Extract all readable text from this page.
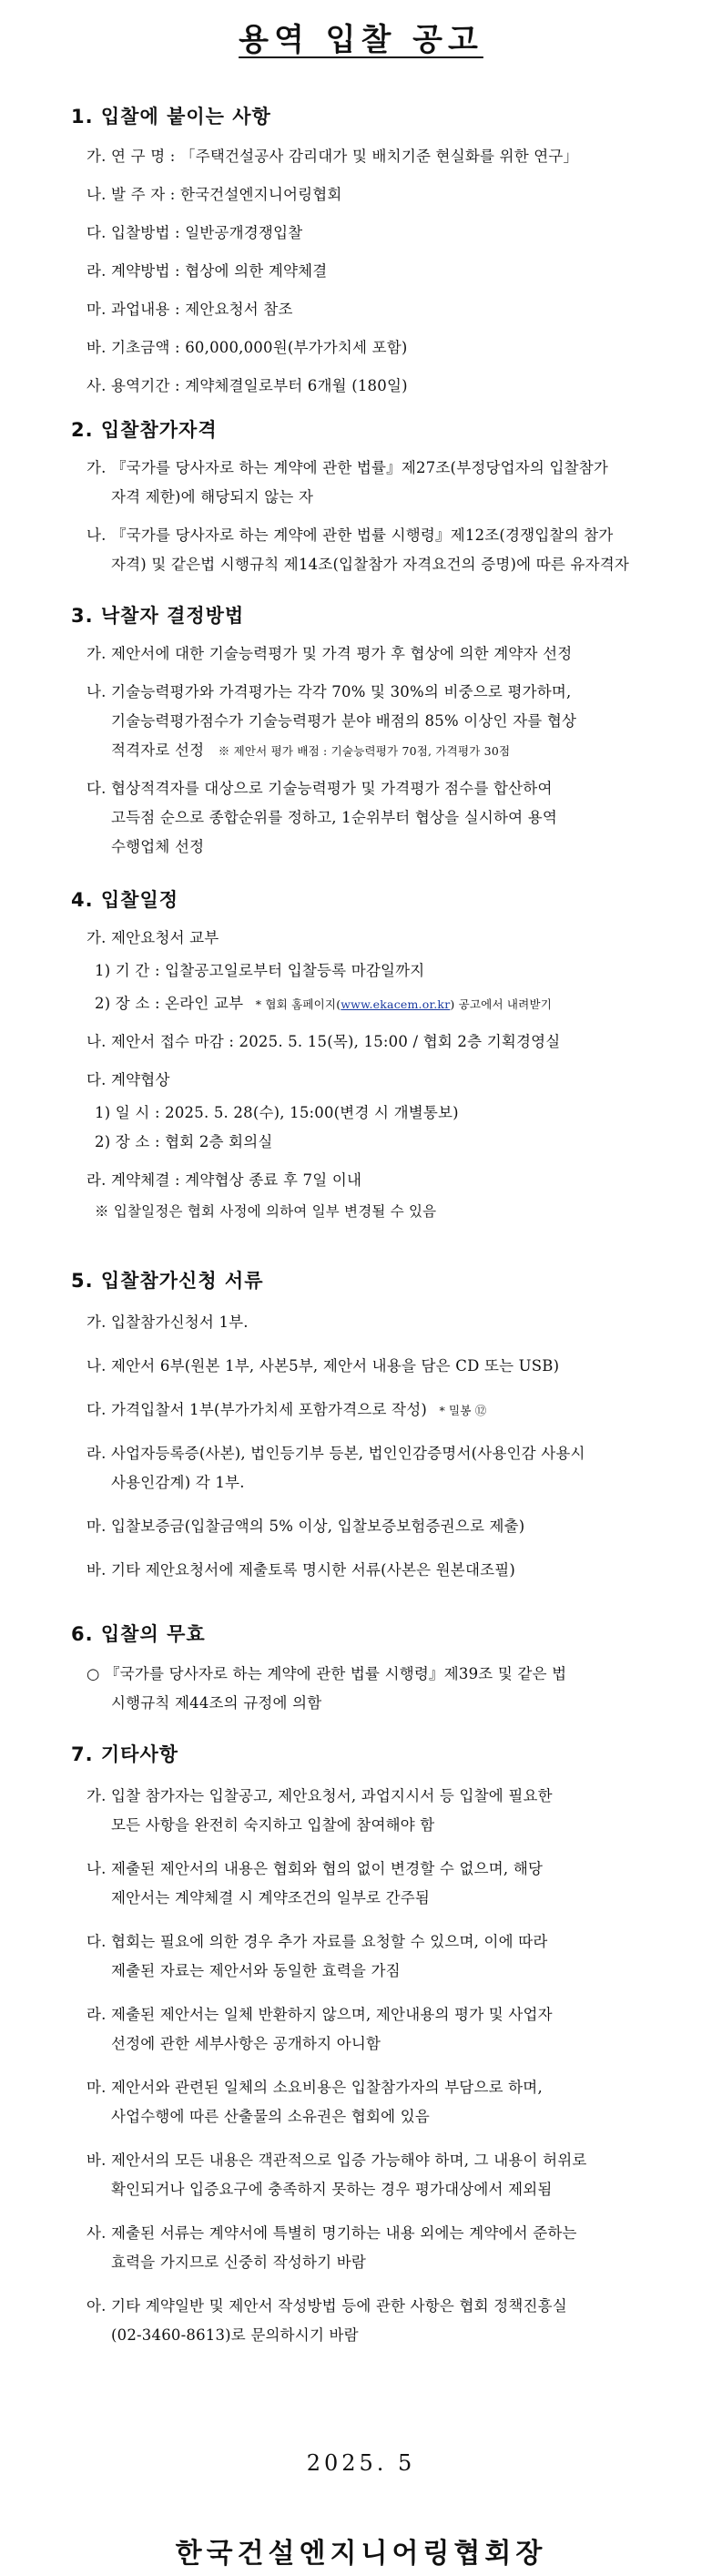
용역 입찰 공고
1. 입찰에 붙이는 사항
가. 연 구 명 : 「주택건설공사 감리대가 및 배치기준 현실화를 위한 연구」
나. 발 주 자 : 한국건설엔지니어링협회
다. 입찰방법 : 일반공개경쟁입찰
라. 계약방법 : 협상에 의한 계약체결
마. 과업내용 : 제안요청서 참조
바. 기초금액 : 60,000,000원(부가가치세 포함)
사. 용역기간 : 계약체결일로부터 6개월 (180일)
2. 입찰참가자격
가. 『국가를 당사자로 하는 계약에 관한 법률』제27조(부정당업자의 입찰참가
자격 제한)에 해당되지 않는 자
나. 『국가를 당사자로 하는 계약에 관한 법률 시행령』제12조(경쟁입찰의 참가
자격) 및 같은법 시행규칙 제14조(입찰참가 자격요건의 증명)에 따른 유자격자
3. 낙찰자 결정방법
가. 제안서에 대한 기술능력평가 및 가격 평가 후 협상에 의한 계약자 선정
나. 기술능력평가와 가격평가는 각각 70% 및 30%의 비중으로 평가하며,
기술능력평가점수가 기술능력평가 분야 배점의 85% 이상인 자를 협상
적격자로 선정 ※ 제안서 평가 배점 : 기술능력평가 70점, 가격평가 30점
다. 협상적격자를 대상으로 기술능력평가 및 가격평가 점수를 합산하여
고득점 순으로 종합순위를 정하고, 1순위부터 협상을 실시하여 용역
수행업체 선정
4. 입찰일정
가. 제안요청서 교부
1) 기 간 : 입찰공고일로부터 입찰등록 마감일까지
2) 장 소 : 온라인 교부 * 협회 홈페이지(www.ekacem.or.kr) 공고에서 내려받기
나. 제안서 접수 마감 : 2025. 5. 15(목), 15:00 / 협회 2층 기획경영실
다. 계약협상
1) 일 시 : 2025. 5. 28(수), 15:00(변경 시 개별통보)
2) 장 소 : 협회 2층 회의실
라. 계약체결 : 계약협상 종료 후 7일 이내
※ 입찰일정은 협회 사정에 의하여 일부 변경될 수 있음
5. 입찰참가신청 서류
가. 입찰참가신청서 1부.
나. 제안서 6부(원본 1부, 사본5부, 제안서 내용을 담은 CD 또는 USB)
다. 가격입찰서 1부(부가가치세 포함가격으로 작성) * 밀봉 ⑫
라. 사업자등록증(사본), 법인등기부 등본, 법인인감증명서(사용인감 사용시
사용인감계) 각 1부.
마. 입찰보증금(입찰금액의 5% 이상, 입찰보증보험증권으로 제출)
바. 기타 제안요청서에 제출토록 명시한 서류(사본은 원본대조필)
6. 입찰의 무효
○ 『국가를 당사자로 하는 계약에 관한 법률 시행령』제39조 및 같은 법
시행규칙 제44조의 규정에 의함
7. 기타사항
가. 입찰 참가자는 입찰공고, 제안요청서, 과업지시서 등 입찰에 필요한
모든 사항을 완전히 숙지하고 입찰에 참여해야 함
나. 제출된 제안서의 내용은 협회와 협의 없이 변경할 수 없으며, 해당
제안서는 계약체결 시 계약조건의 일부로 간주됨
다. 협회는 필요에 의한 경우 추가 자료를 요청할 수 있으며, 이에 따라
제출된 자료는 제안서와 동일한 효력을 가짐
라. 제출된 제안서는 일체 반환하지 않으며, 제안내용의 평가 및 사업자
선정에 관한 세부사항은 공개하지 아니함
마. 제안서와 관련된 일체의 소요비용은 입찰참가자의 부담으로 하며,
사업수행에 따른 산출물의 소유권은 협회에 있음
바. 제안서의 모든 내용은 객관적으로 입증 가능해야 하며, 그 내용이 허위로
확인되거나 입증요구에 충족하지 못하는 경우 평가대상에서 제외됨
사. 제출된 서류는 계약서에 특별히 명기하는 내용 외에는 계약에서 준하는
효력을 가지므로 신중히 작성하기 바람
아. 기타 계약일반 및 제안서 작성방법 등에 관한 사항은 협회 정책진흥실
(02-3460-8613)로 문의하시기 바람
2025. 5
한국건설엔지니어링협회장
